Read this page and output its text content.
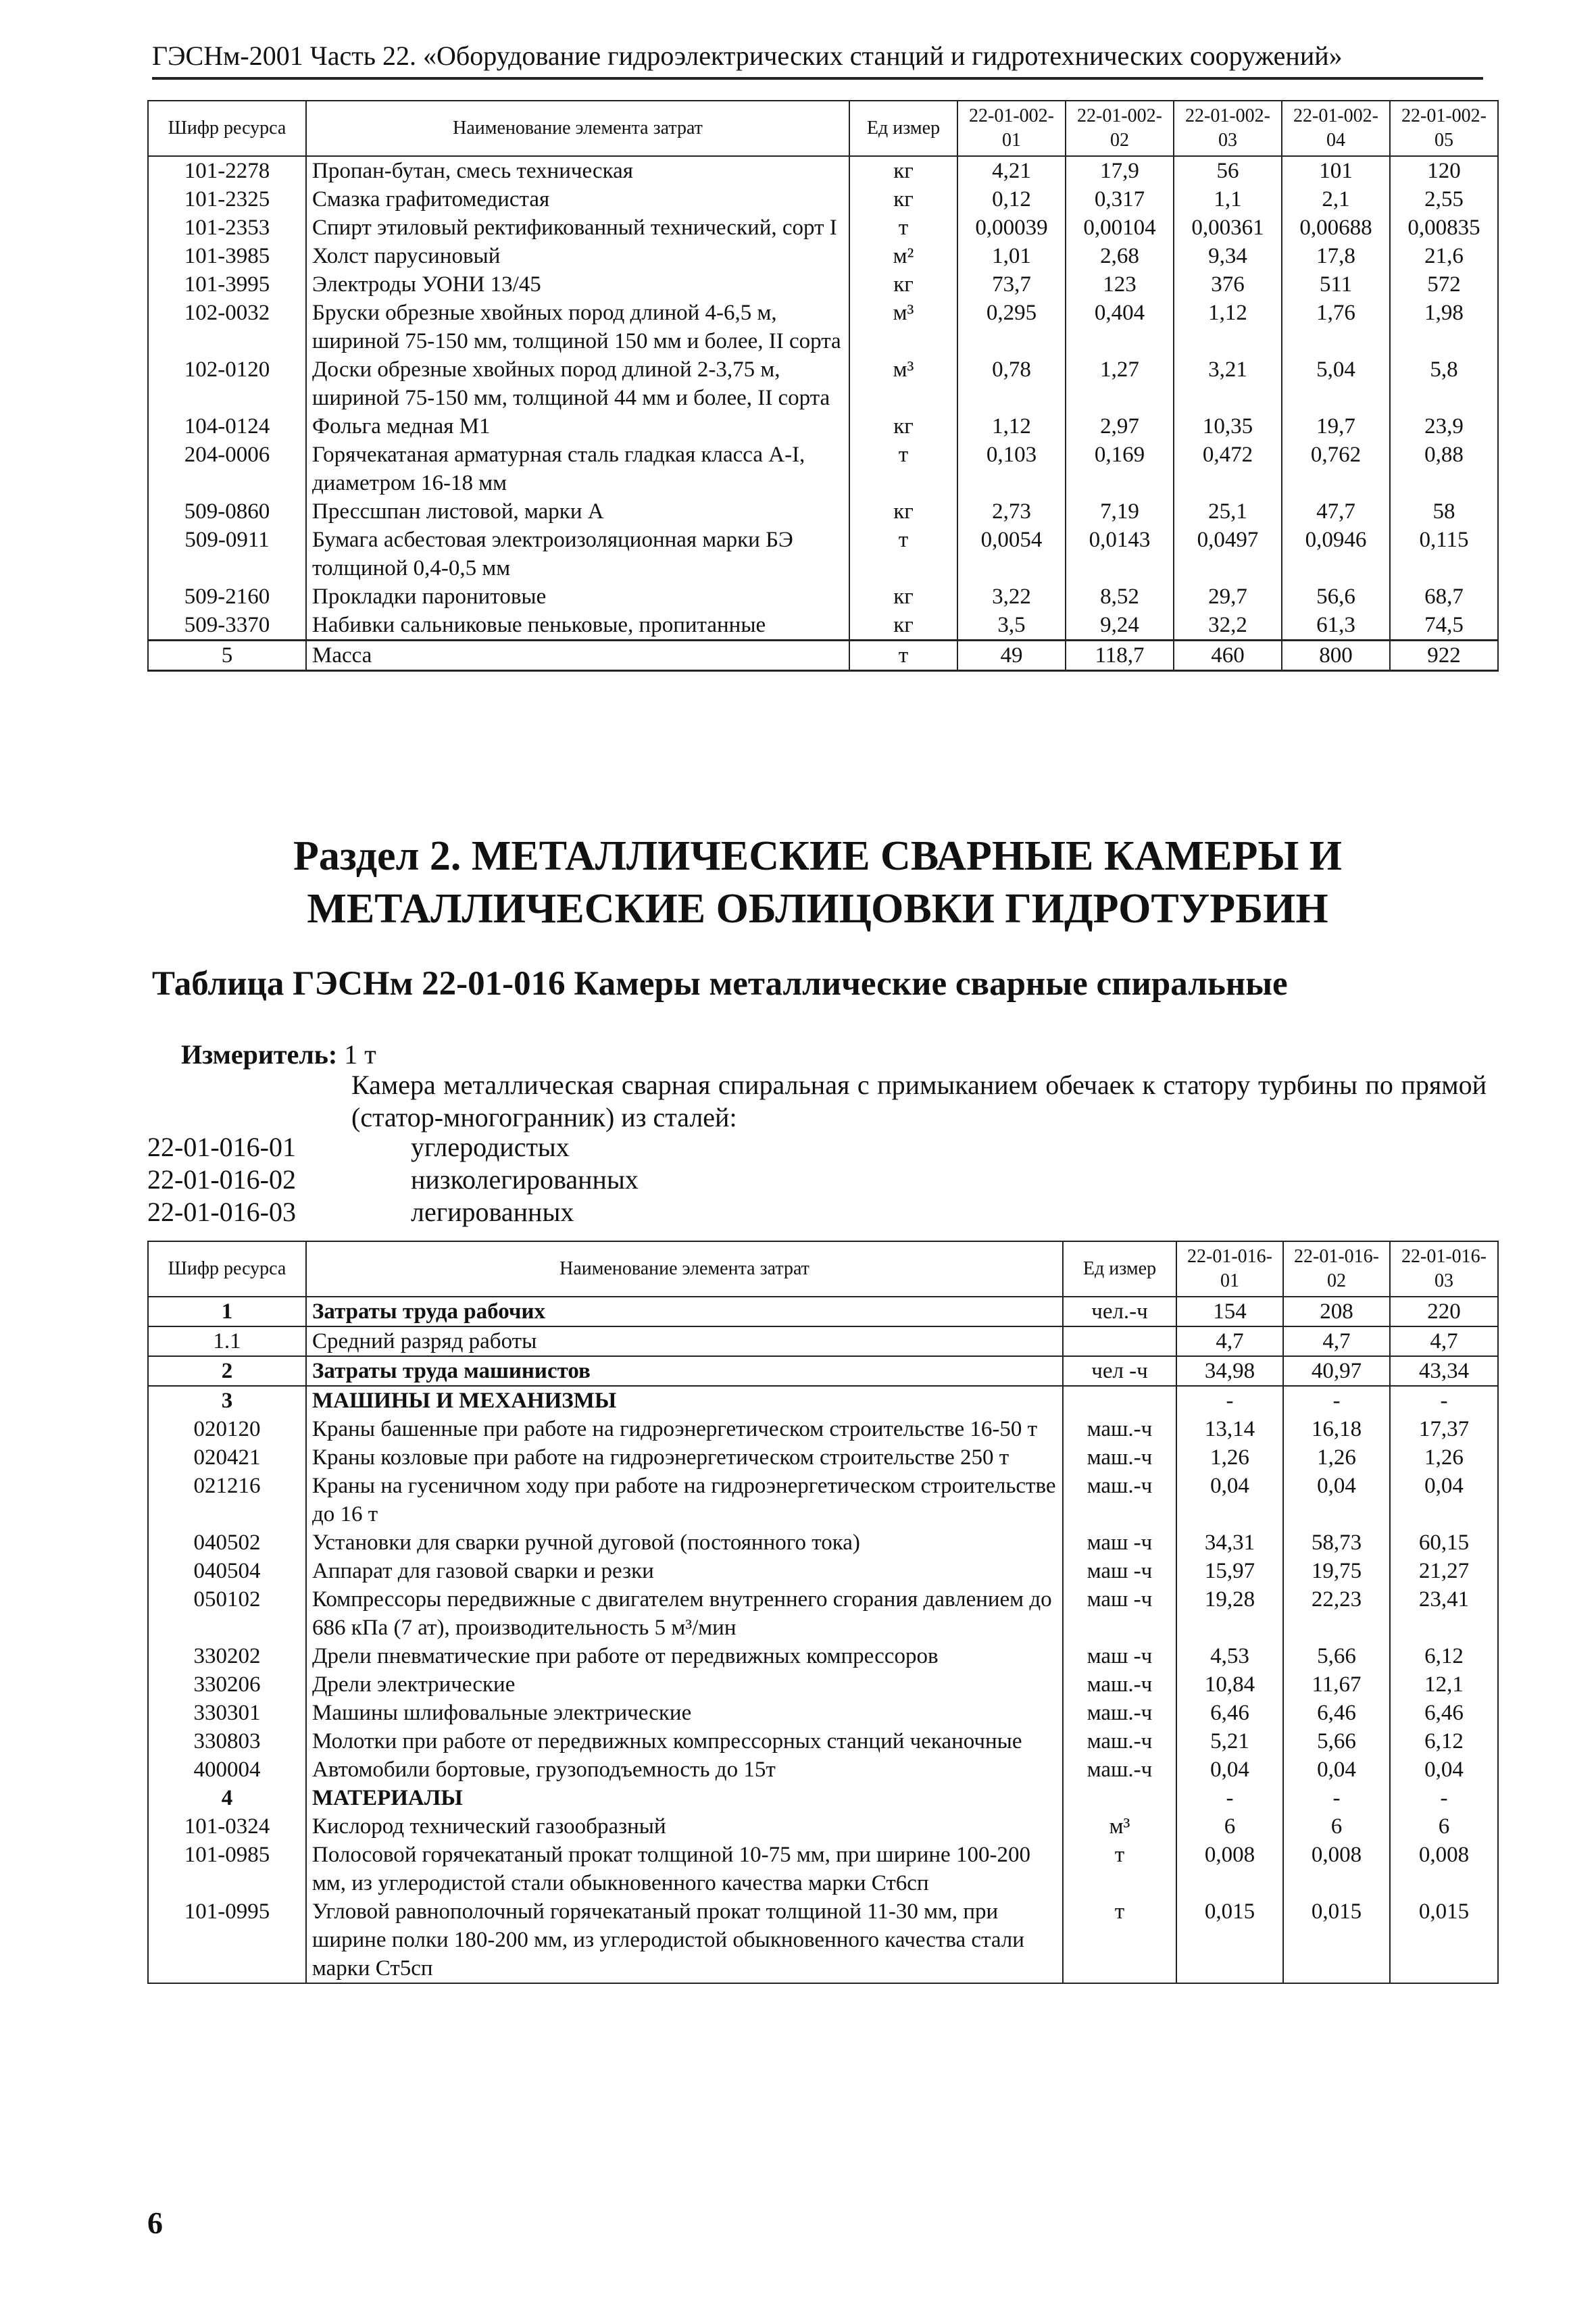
ГЭСНм-2001 Часть 22. «Оборудование гидроэлектрических станций и гидротехнических сооружений»
Шифр ресурса	Наименование элемента затрат	Ед измер	22-01-002-01	22-01-002-02	22-01-002-03	22-01-002-04	22-01-002-05
101-2278	Пропан-бутан, смесь техническая	кг	4,21	17,9	56	101	120
101-2325	Смазка графитомедистая	кг	0,12	0,317	1,1	2,1	2,55
101-2353	Спирт этиловый ректификованный технический, сорт I	т	0,00039	0,00104	0,00361	0,00688	0,00835
101-3985	Холст парусиновый	м²	1,01	2,68	9,34	17,8	21,6
101-3995	Электроды УОНИ 13/45	кг	73,7	123	376	511	572
102-0032	Бруски обрезные хвойных пород длиной 4-6,5 м, шириной 75-150 мм, толщиной 150 мм и более, II сорта	м³	0,295	0,404	1,12	1,76	1,98
102-0120	Доски обрезные хвойных пород длиной 2-3,75 м, шириной 75-150 мм, толщиной 44 мм и более, II сорта	м³	0,78	1,27	3,21	5,04	5,8
104-0124	Фольга медная М1	кг	1,12	2,97	10,35	19,7	23,9
204-0006	Горячекатаная арматурная сталь гладкая класса А-I, диаметром 16-18 мм	т	0,103	0,169	0,472	0,762	0,88
509-0860	Прессшпан листовой, марки А	кг	2,73	7,19	25,1	47,7	58
509-0911	Бумага асбестовая электроизоляционная марки БЭ толщиной 0,4-0,5 мм	т	0,0054	0,0143	0,0497	0,0946	0,115
509-2160	Прокладки паронитовые	кг	3,22	8,52	29,7	56,6	68,7
509-3370	Набивки сальниковые пеньковые, пропитанные	кг	3,5	9,24	32,2	61,3	74,5
5	Масса	т	49	118,7	460	800	922
Раздел 2. МЕТАЛЛИЧЕСКИЕ СВАРНЫЕ КАМЕРЫ И
МЕТАЛЛИЧЕСКИЕ ОБЛИЦОВКИ ГИДРОТУРБИН
Таблица ГЭСНм 22-01-016 Камеры металлические сварные спиральные
Измеритель: 1 т
Камера металлическая сварная спиральная с примыканием обечаек к статору турбины по прямой (статор-многогранник) из сталей:
22-01-016-01	углеродистых
22-01-016-02	низколегированных
22-01-016-03	легированных
Шифр ресурса	Наименование элемента затрат	Ед измер	22-01-016-01	22-01-016-02	22-01-016-03
1	Затраты труда рабочих	чел.-ч	154	208	220
1.1	Средний разряд работы		4,7	4,7	4,7
2	Затраты труда машинистов	чел -ч	34,98	40,97	43,34
3	МАШИНЫ И МЕХАНИЗМЫ		-	-	-
020120	Краны башенные при работе на гидроэнергетическом строительстве 16-50 т	маш.-ч	13,14	16,18	17,37
020421	Краны козловые при работе на гидроэнергетическом строительстве 250 т	маш.-ч	1,26	1,26	1,26
021216	Краны на гусеничном ходу при работе на гидроэнергетическом строительстве до 16 т	маш.-ч	0,04	0,04	0,04
040502	Установки для сварки ручной дуговой (постоянного тока)	маш -ч	34,31	58,73	60,15
040504	Аппарат для газовой сварки и резки	маш -ч	15,97	19,75	21,27
050102	Компрессоры передвижные с двигателем внутреннего сгорания давлением до 686 кПа (7 ат), производительность 5 м³/мин	маш -ч	19,28	22,23	23,41
330202	Дрели пневматические при работе от передвижных компрессоров	маш -ч	4,53	5,66	6,12
330206	Дрели электрические	маш.-ч	10,84	11,67	12,1
330301	Машины шлифовальные электрические	маш.-ч	6,46	6,46	6,46
330803	Молотки при работе от передвижных компрессорных станций чеканочные	маш.-ч	5,21	5,66	6,12
400004	Автомобили бортовые, грузоподъемность до 15т	маш.-ч	0,04	0,04	0,04
4	МАТЕРИАЛЫ		-	-	-
101-0324	Кислород технический газообразный	м³	6	6	6
101-0985	Полосовой горячекатаный прокат толщиной 10-75 мм, при ширине 100-200 мм, из углеродистой стали обыкновенного качества марки Ст6сп	т	0,008	0,008	0,008
101-0995	Угловой равнополочный горячекатаный прокат толщиной 11-30 мм, при ширине полки 180-200 мм, из углеродистой обыкновенного качества стали марки Ст5сп	т	0,015	0,015	0,015
6
